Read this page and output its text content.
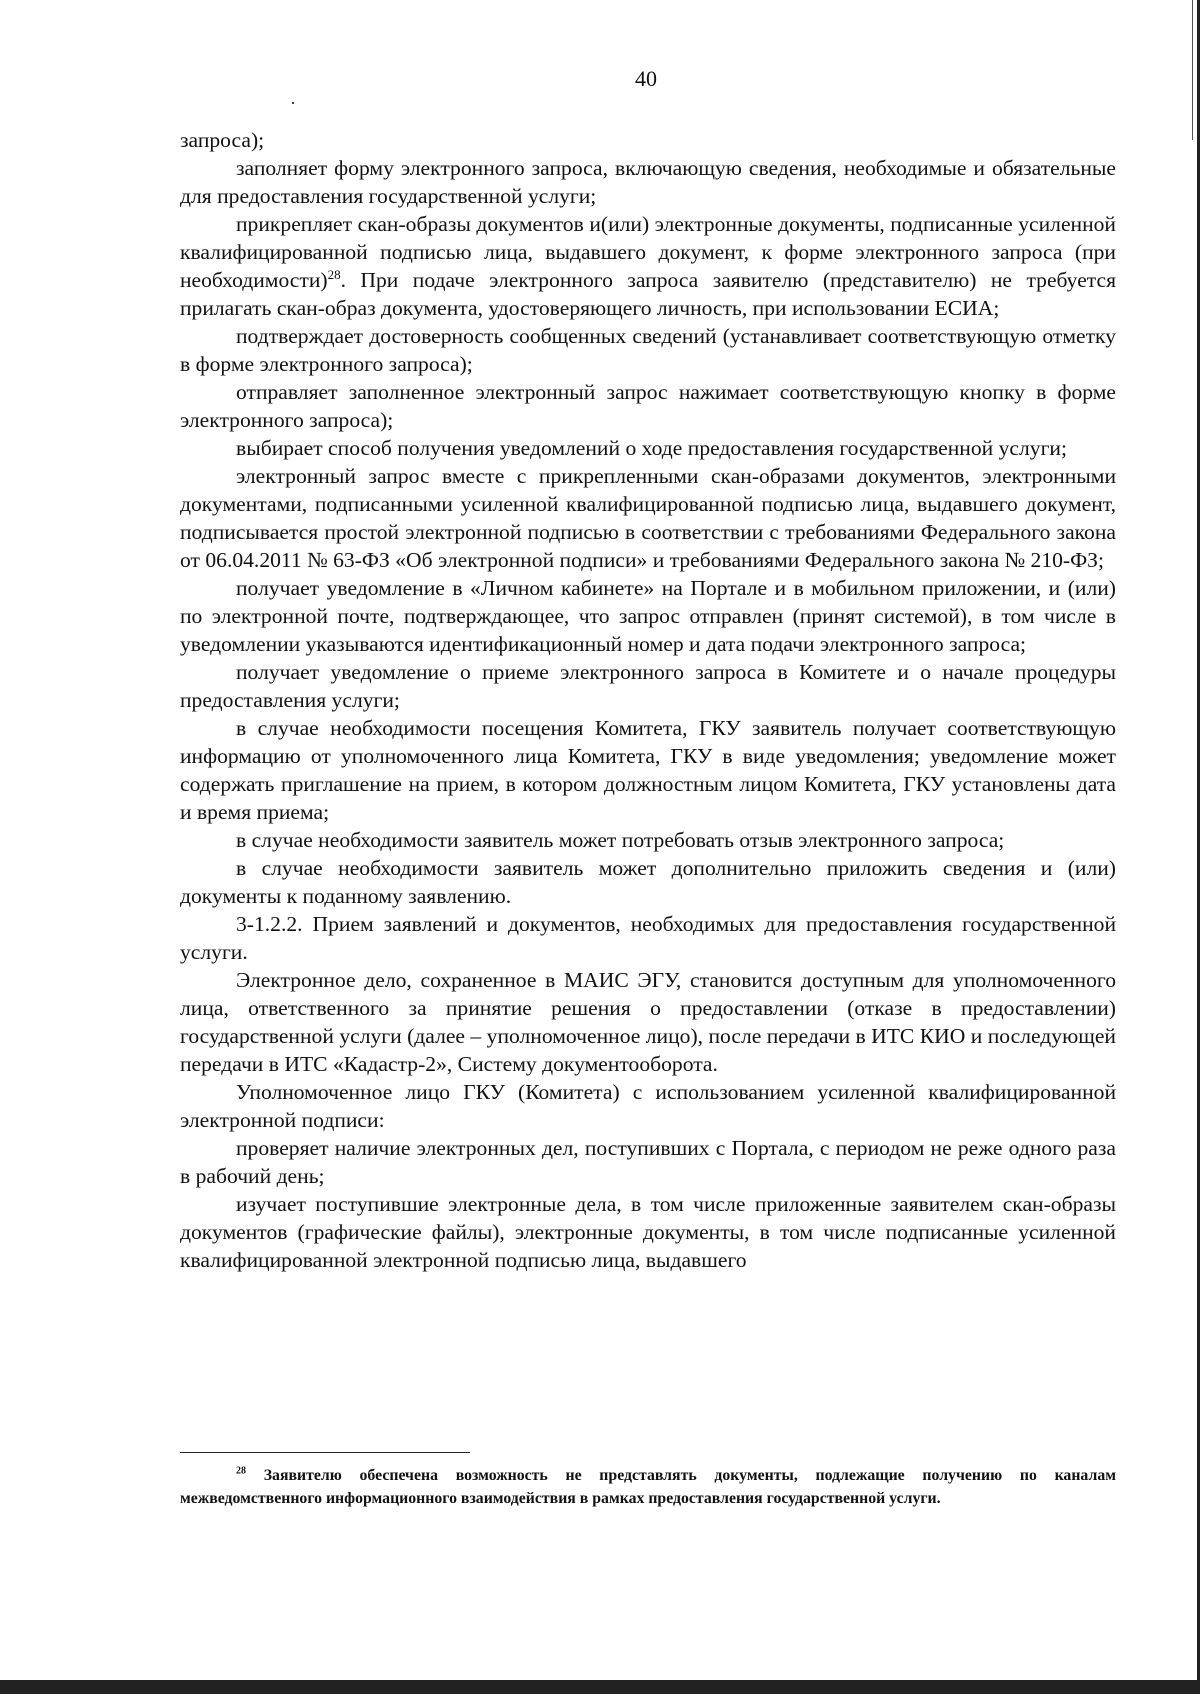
40

запроса);

заполняет форму электронного запроса, включающую сведения, необходимые и обязательные для предоставления государственной услуги;

прикрепляет скан-образы документов и(или) электронные документы, подписанные усиленной квалифицированной подписью лица, выдавшего документ, к форме электронного запроса (при необходимости)$^{28}$. При подаче электронного запроса заявителю (представителю) не требуется прилагать скан-образ документа, удостоверяющего личность, при использовании ЕСИА;

подтверждает достоверность сообщенных сведений (устанавливает соответствующую отметку в форме электронного запроса);

отправляет заполненное электронный запрос нажимает соответствующую кнопку в форме электронного запроса);

выбирает способ получения уведомлений о ходе предоставления государственной услуги;

электронный запрос вместе с прикрепленными скан-образами документов, электронными документами, подписанными усиленной квалифицированной подписью лица, выдавшего документ, подписывается простой электронной подписью в соответствии с требованиями Федерального закона от 06.04.2011 № 63-ФЗ «Об электронной подписи» и требованиями Федерального закона № 210-ФЗ;

получает уведомление в «Личном кабинете» на Портале и в мобильном приложении, и (или) по электронной почте, подтверждающее, что запрос отправлен (принят системой), в том числе в уведомлении указываются идентификационный номер и дата подачи электронного запроса;

получает уведомление о приеме электронного запроса в Комитете и о начале процедуры предоставления услуги;

в случае необходимости посещения Комитета, ГКУ заявитель получает соответствующую информацию от уполномоченного лица Комитета, ГКУ в виде уведомления; уведомление может содержать приглашение на прием, в котором должностным лицом Комитета, ГКУ установлены дата и время приема;

в случае необходимости заявитель может потребовать отзыв электронного запроса;

в случае необходимости заявитель может дополнительно приложить сведения и (или) документы к поданному заявлению.

3-1.2.2. Прием заявлений и документов, необходимых для предоставления государственной услуги.

Электронное дело, сохраненное в МАИС ЭГУ, становится доступным для уполномоченного лица, ответственного за принятие решения о предоставлении (отказе в предоставлении) государственной услуги (далее – уполномоченное лицо), после передачи в ИТС КИО и последующей передачи в ИТС «Кадастр-2», Систему документооборота.

Уполномоченное лицо ГКУ (Комитета) с использованием усиленной квалифицированной электронной подписи:

проверяет наличие электронных дел, поступивших с Портала, с периодом не реже одного раза в рабочий день;

изучает поступившие электронные дела, в том числе приложенные заявителем скан-образы документов (графические файлы), электронные документы, в том числе подписанные усиленной квалифицированной электронной подписью лица, выдавшего

$^{28}$ Заявителю обеспечена возможность не представлять документы, подлежащие получению по каналам межведомственного информационного взаимодействия в рамках предоставления государственной услуги.
